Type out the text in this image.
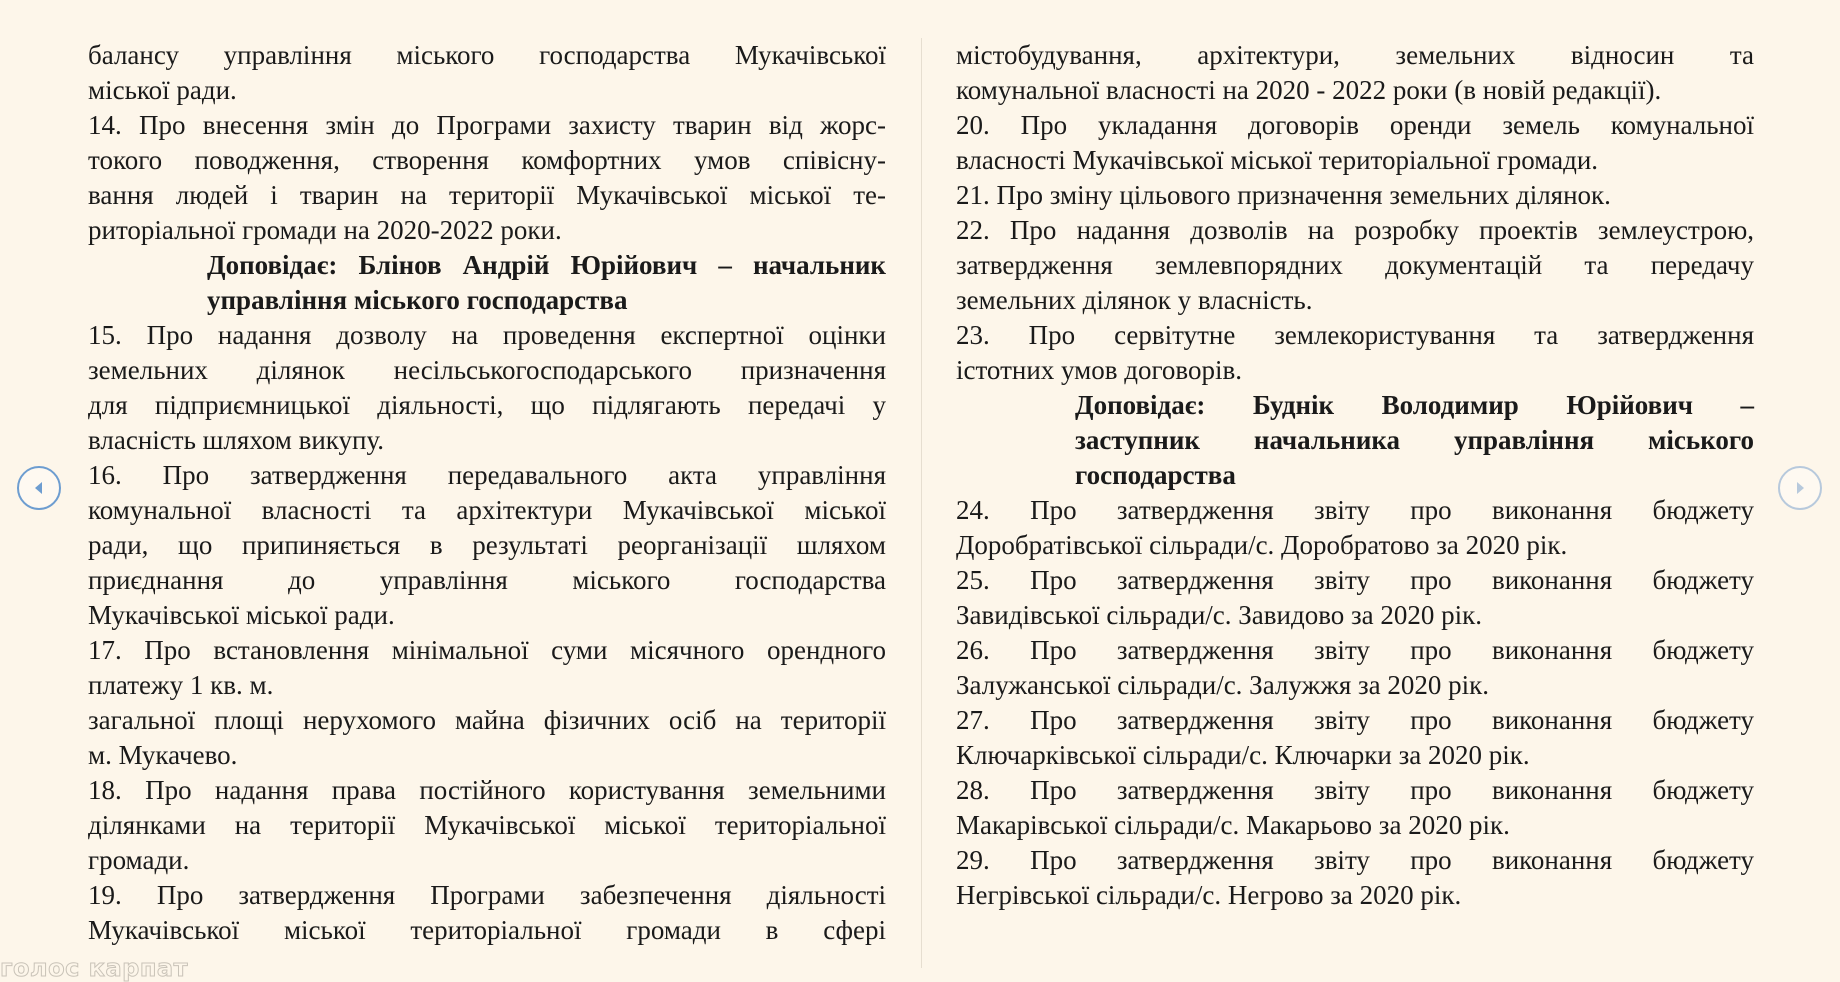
балансу управління міського господарства Мукачівської
міської ради.
14. Про внесення змін до Програми захисту тварин від жорс-
токого поводження, створення комфортних умов співісну-
вання людей і тварин на території Мукачівської міської те-
риторіальної громади на 2020-2022 роки.
Доповідає: Блінов Андрій Юрійович – начальник
управління міського господарства
15. Про надання дозволу на проведення експертної оцінки
земельних ділянок несільськогосподарського призначення
для підприємницької діяльності, що підлягають передачі у
власність шляхом викупу.
16. Про затвердження передавального акта управління
комунальної власності та архітектури Мукачівської міської
ради, що припиняється в результаті реорганізації шляхом
приєднання до управління міського господарства
Мукачівської міської ради.
17. Про встановлення мінімальної суми місячного орендного
платежу 1 кв. м.
загальної площі нерухомого майна фізичних осіб на території
м. Мукачево.
18. Про надання права постійного користування земельними
ділянками на території Мукачівської міської територіальної
громади.
19. Про затвердження Програми забезпечення діяльності
Мукачівської міської територіальної громади в сфері
містобудування, архітектури, земельних відносин та
комунальної власності на 2020 - 2022 роки (в новій редакції).
20. Про укладання договорів оренди земель комунальної
власності Мукачівської міської територіальної громади.
21. Про зміну цільового призначення земельних ділянок.
22. Про надання дозволів на розробку проектів землеустрою,
затвердження землевпорядних документацій та передачу
земельних ділянок у власність.
23. Про сервітутне землекористування та затвердження
істотних умов договорів.
Доповідає: Буднік Володимир Юрійович –
заступник начальника управління міського
господарства
24. Про затвердження звіту про виконання бюджету
Доробратівської сільради/с. Доробратово за 2020 рік.
25. Про затвердження звіту про виконання бюджету
Завидівської сільради/с. Завидово за 2020 рік.
26. Про затвердження звіту про виконання бюджету
Залужанської сільради/с. Залужжя за 2020 рік.
27. Про затвердження звіту про виконання бюджету
Ключарківської сільради/с. Ключарки за 2020 рік.
28. Про затвердження звіту про виконання бюджету
Макарівської сільради/с. Макарьово за 2020 рік.
29. Про затвердження звіту про виконання бюджету
Негрівської сільради/с. Негрово за 2020 рік.
голос карпат
